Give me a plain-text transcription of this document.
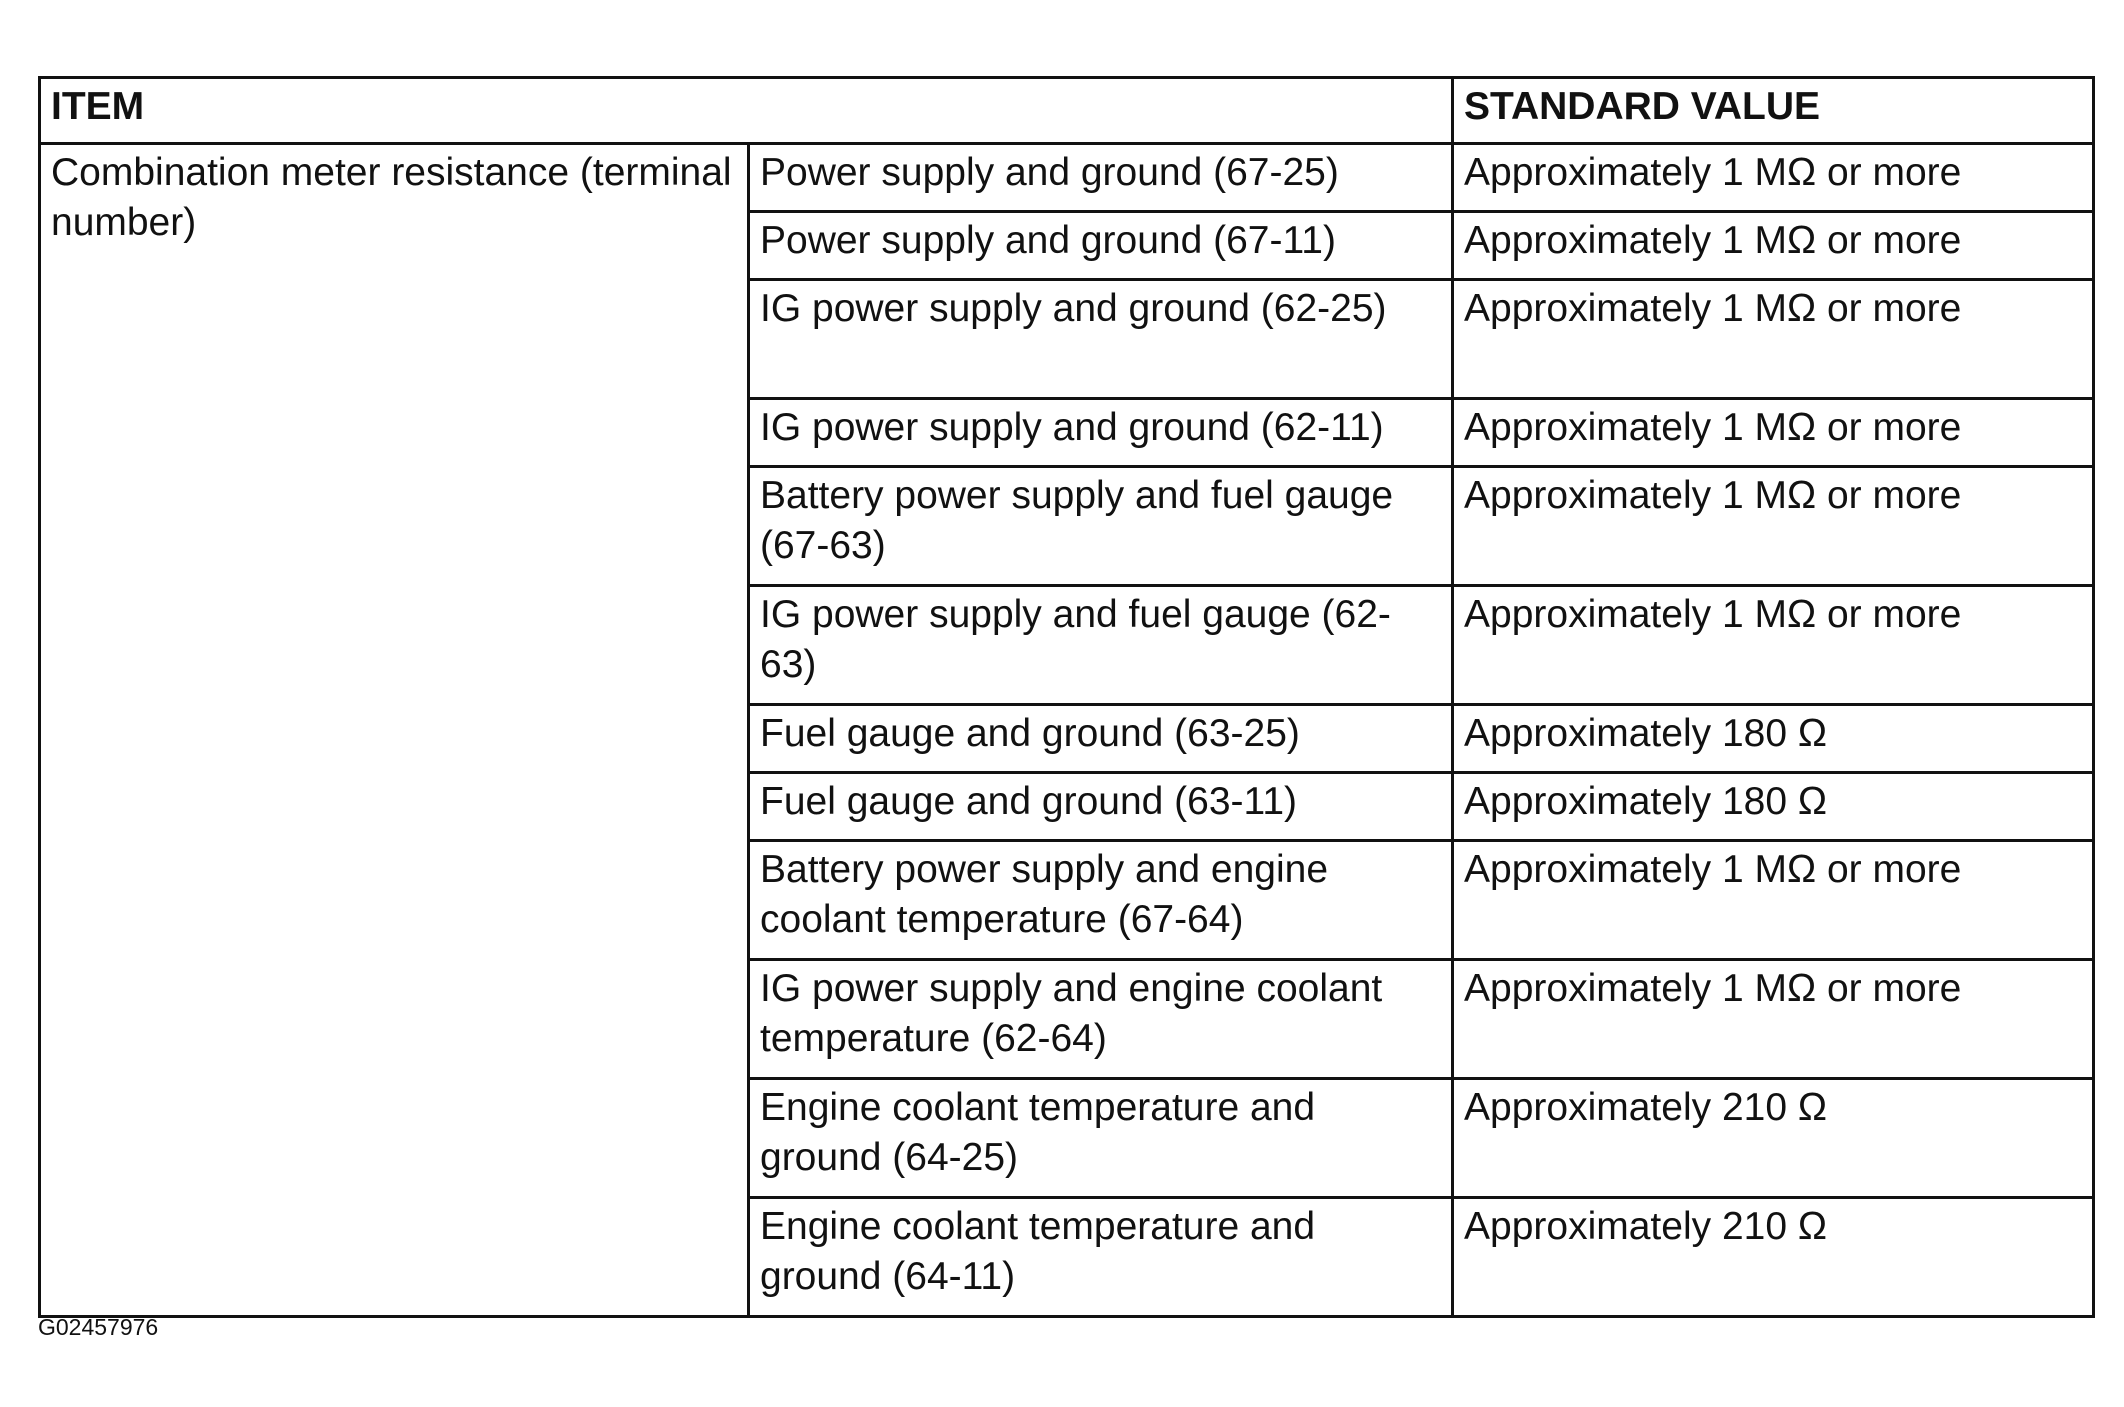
ITEM		STANDARD VALUE
Combination meter resistance (terminal number)	Power supply and ground (67-25)	Approximately 1 MΩ or more
	Power supply and ground (67-11)	Approximately 1 MΩ or more
	IG power supply and ground (62-25)	Approximately 1 MΩ or more
	IG power supply and ground (62-11)	Approximately 1 MΩ or more
	Battery power supply and fuel gauge (67-63)	Approximately 1 MΩ or more
	IG power supply and fuel gauge (62-63)	Approximately 1 MΩ or more
	Fuel gauge and ground (63-25)	Approximately 180 Ω
	Fuel gauge and ground (63-11)	Approximately 180 Ω
	Battery power supply and engine coolant temperature (67-64)	Approximately 1 MΩ or more
	IG power supply and engine coolant temperature (62-64)	Approximately 1 MΩ or more
	Engine coolant temperature and ground (64-25)	Approximately 210 Ω
	Engine coolant temperature and ground (64-11)	Approximately 210 Ω
G02457976
